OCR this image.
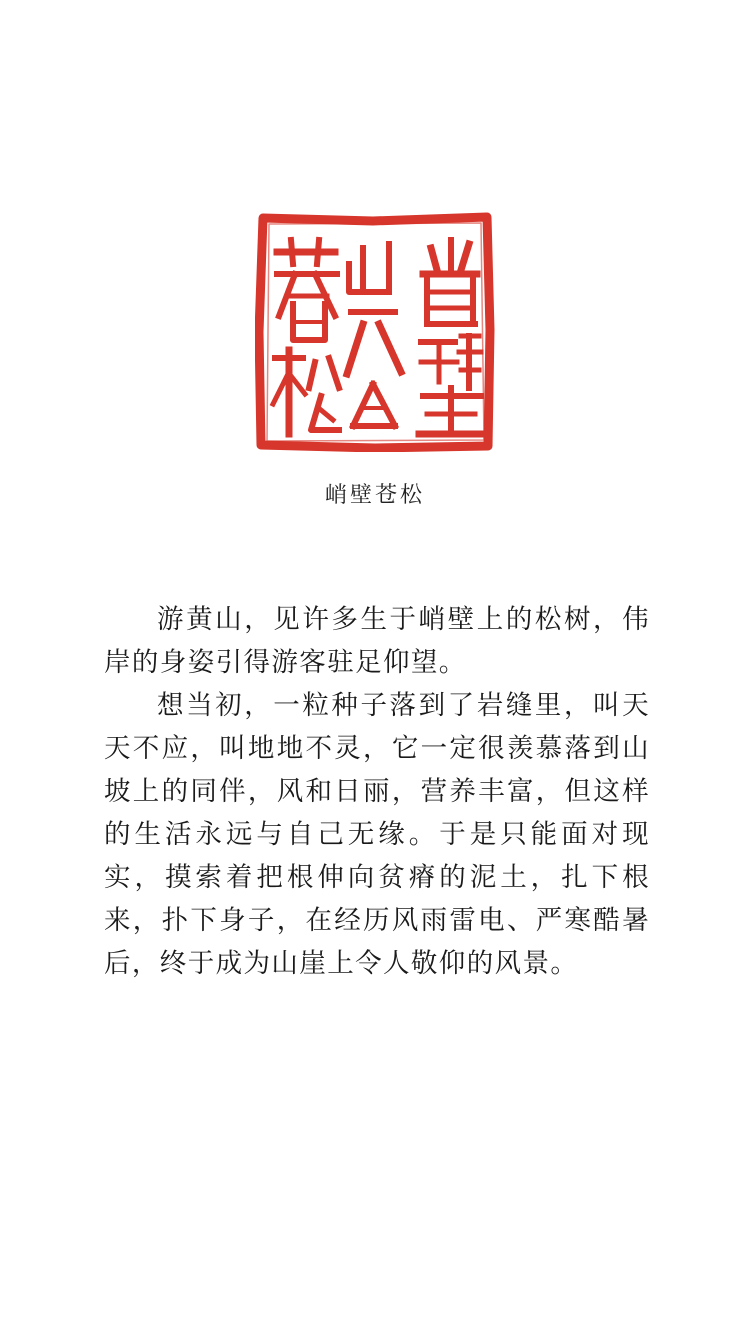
峭壁苍松

游黄山，见许多生于峭壁上的松树，伟岸的身姿引得游客驻足仰望。

想当初，一粒种子落到了岩缝里，叫天天不应，叫地地不灵，它一定很羡慕落到山坡上的同伴，风和日丽，营养丰富，但这样的生活永远与自己无缘。于是只能面对现实，摸索着把根伸向贫瘠的泥土，扎下根来，扑下身子，在经历风雨雷电、严寒酷暑后，终于成为山崖上令人敬仰的风景。
